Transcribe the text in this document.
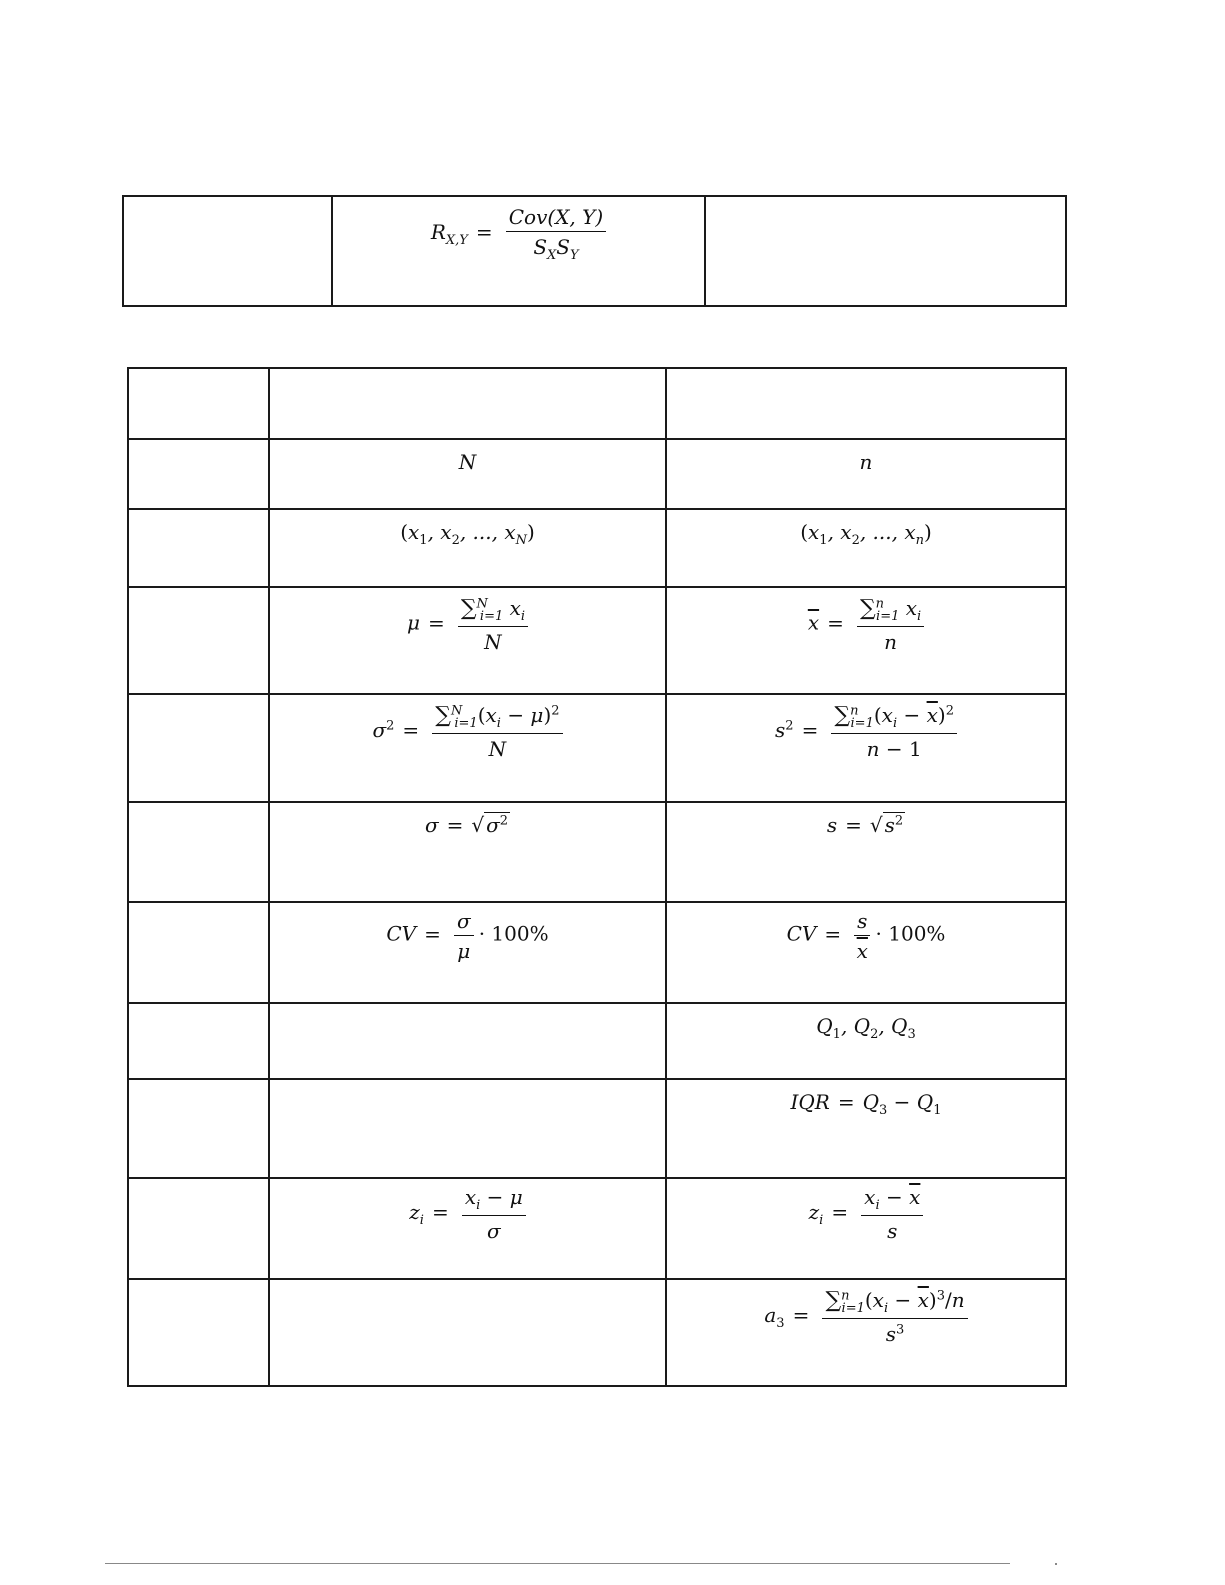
$R_{X,Y} = \frac{\text{Cov(X, Y)}}{S_XS_Y}$

	N	n

	($x_1$, $x_2$, ..., $x_N$)	($x_1$, $x_2$, ..., $x_n$)

	$\mu = \frac{\sum^N_{i=1} x_i}{N}$	$\overline{x} = \frac{\sum^n_{i=1} x_i}{n}$

	$\sigma^2 = \frac{\sum^N_{i=1}(x_i - \mu)^2}{N}$	$s^2 = \frac{\sum^n_{i=1}(x_i - \overline{x})^2}{n - 1}$

	σ = √ $\sigma^2$	s = √ $s^2$

	CV = $\frac{\sigma}{\mu} \cdot 100\%$	CV = $\frac{s}{x} \cdot 100\%$

		$Q_1$, $Q_2$, $Q_3$

		IQR = $Q_3 - Q_1$

	$z_i = \frac{x_i - \mu}{\sigma}$	$z_i = \frac{x_i - \overline{x}}{s}$

		$a_3 = \frac{\sum^n_{i=1}(x_i - \overline{x})^3/n}{s^3}$
